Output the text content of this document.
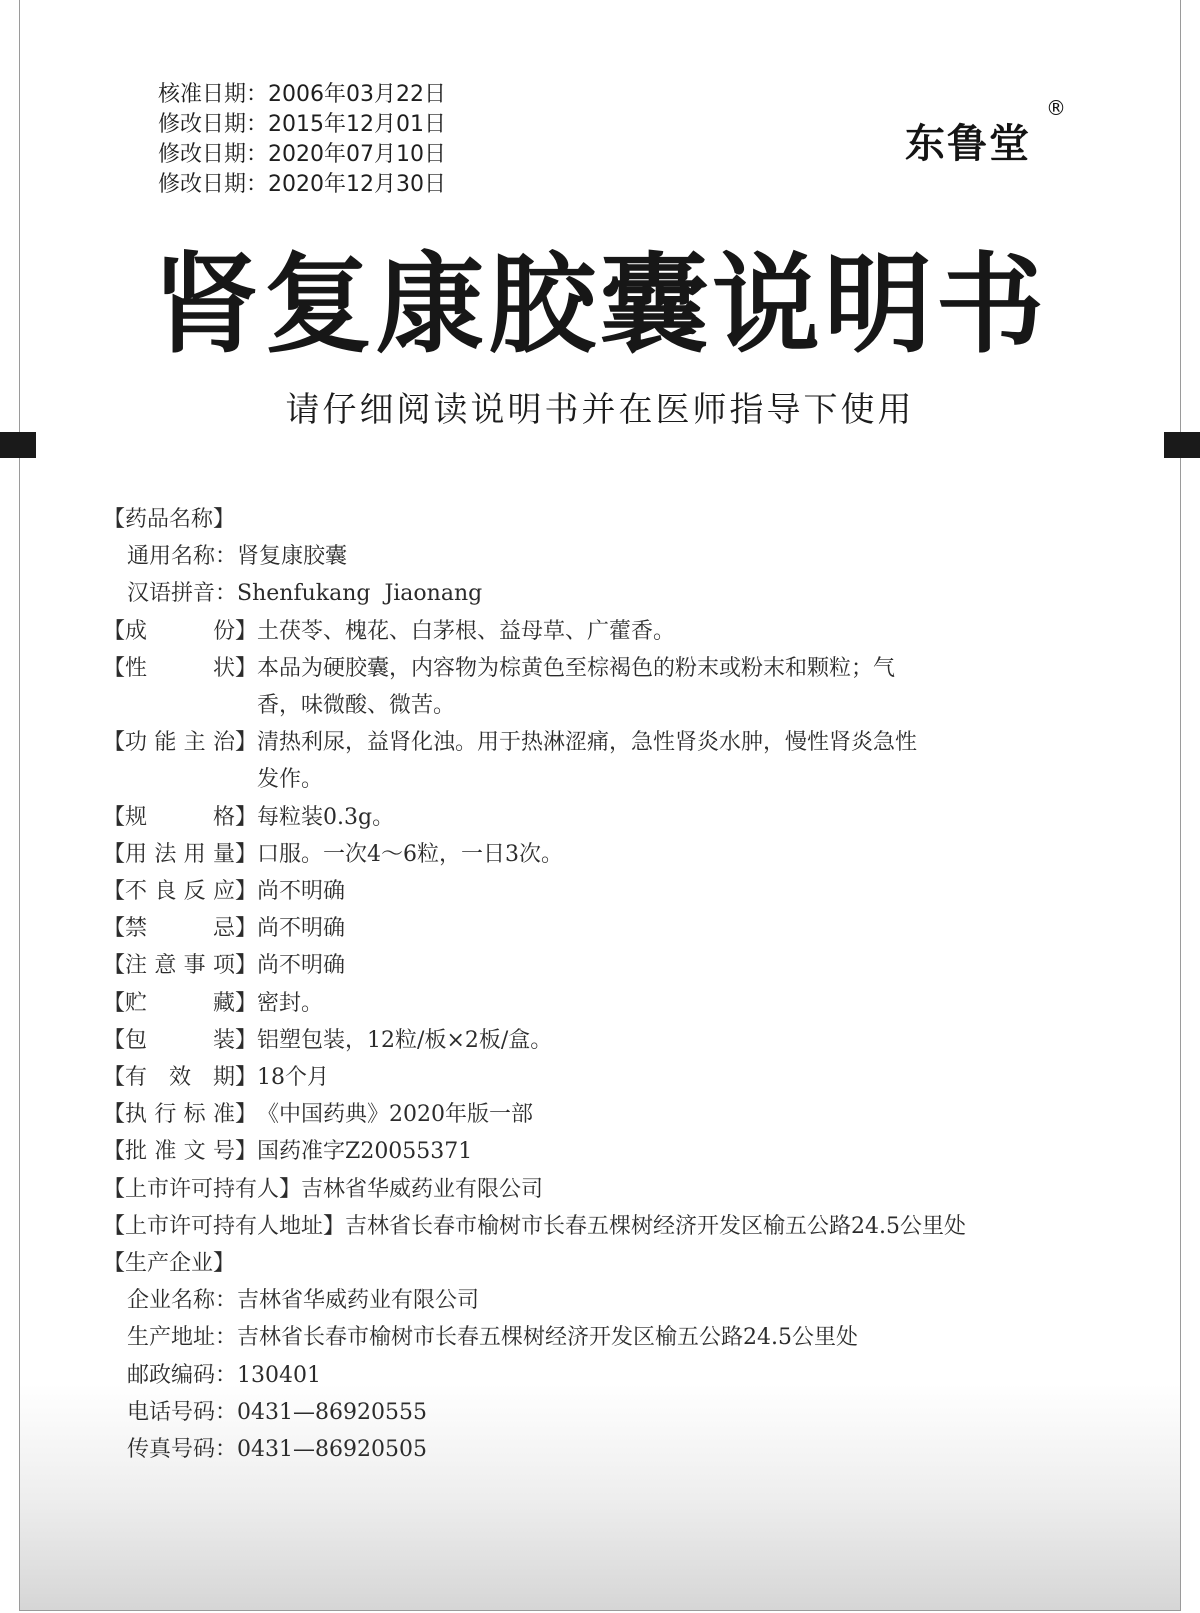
核准日期：2006年03月22日
修改日期：2015年12月01日
修改日期：2020年07月10日
修改日期：2020年12月30日
东鲁堂
®
肾复康胶囊说明书
请仔细阅读说明书并在医师指导下使用
【药品名称】
通用名称： 肾复康胶囊
汉语拼音： Shenfukang  Jiaonang
【成份】 土茯苓、槐花、白茅根、益母草、广藿香。
【性状】 本品为硬胶囊，内容物为棕黄色至棕褐色的粉末或粉末和颗粒；气香，味微酸、微苦。
【功能主治】 清热利尿，益肾化浊。用于热淋涩痛，急性肾炎水肿，慢性肾炎急性发作。
【规格】 每粒装0.3g。
【用法用量】 口服。一次4～6粒，一日3次。
【不良反应】 尚不明确
【禁忌】 尚不明确
【注意事项】 尚不明确
【贮藏】 密封。
【包装】 铝塑包装，12粒/板×2板/盒。
【有效期】 18个月
【执行标准】 《中国药典》2020年版一部
【批准文号】 国药准字Z20055371
【上市许可持有人】 吉林省华威药业有限公司
【上市许可持有人地址】 吉林省长春市榆树市长春五棵树经济开发区榆五公路24.5公里处
【生产企业】
企业名称： 吉林省华威药业有限公司
生产地址： 吉林省长春市榆树市长春五棵树经济开发区榆五公路24.5公里处
邮政编码： 130401
电话号码： 0431—86920555
传真号码： 0431—86920505
